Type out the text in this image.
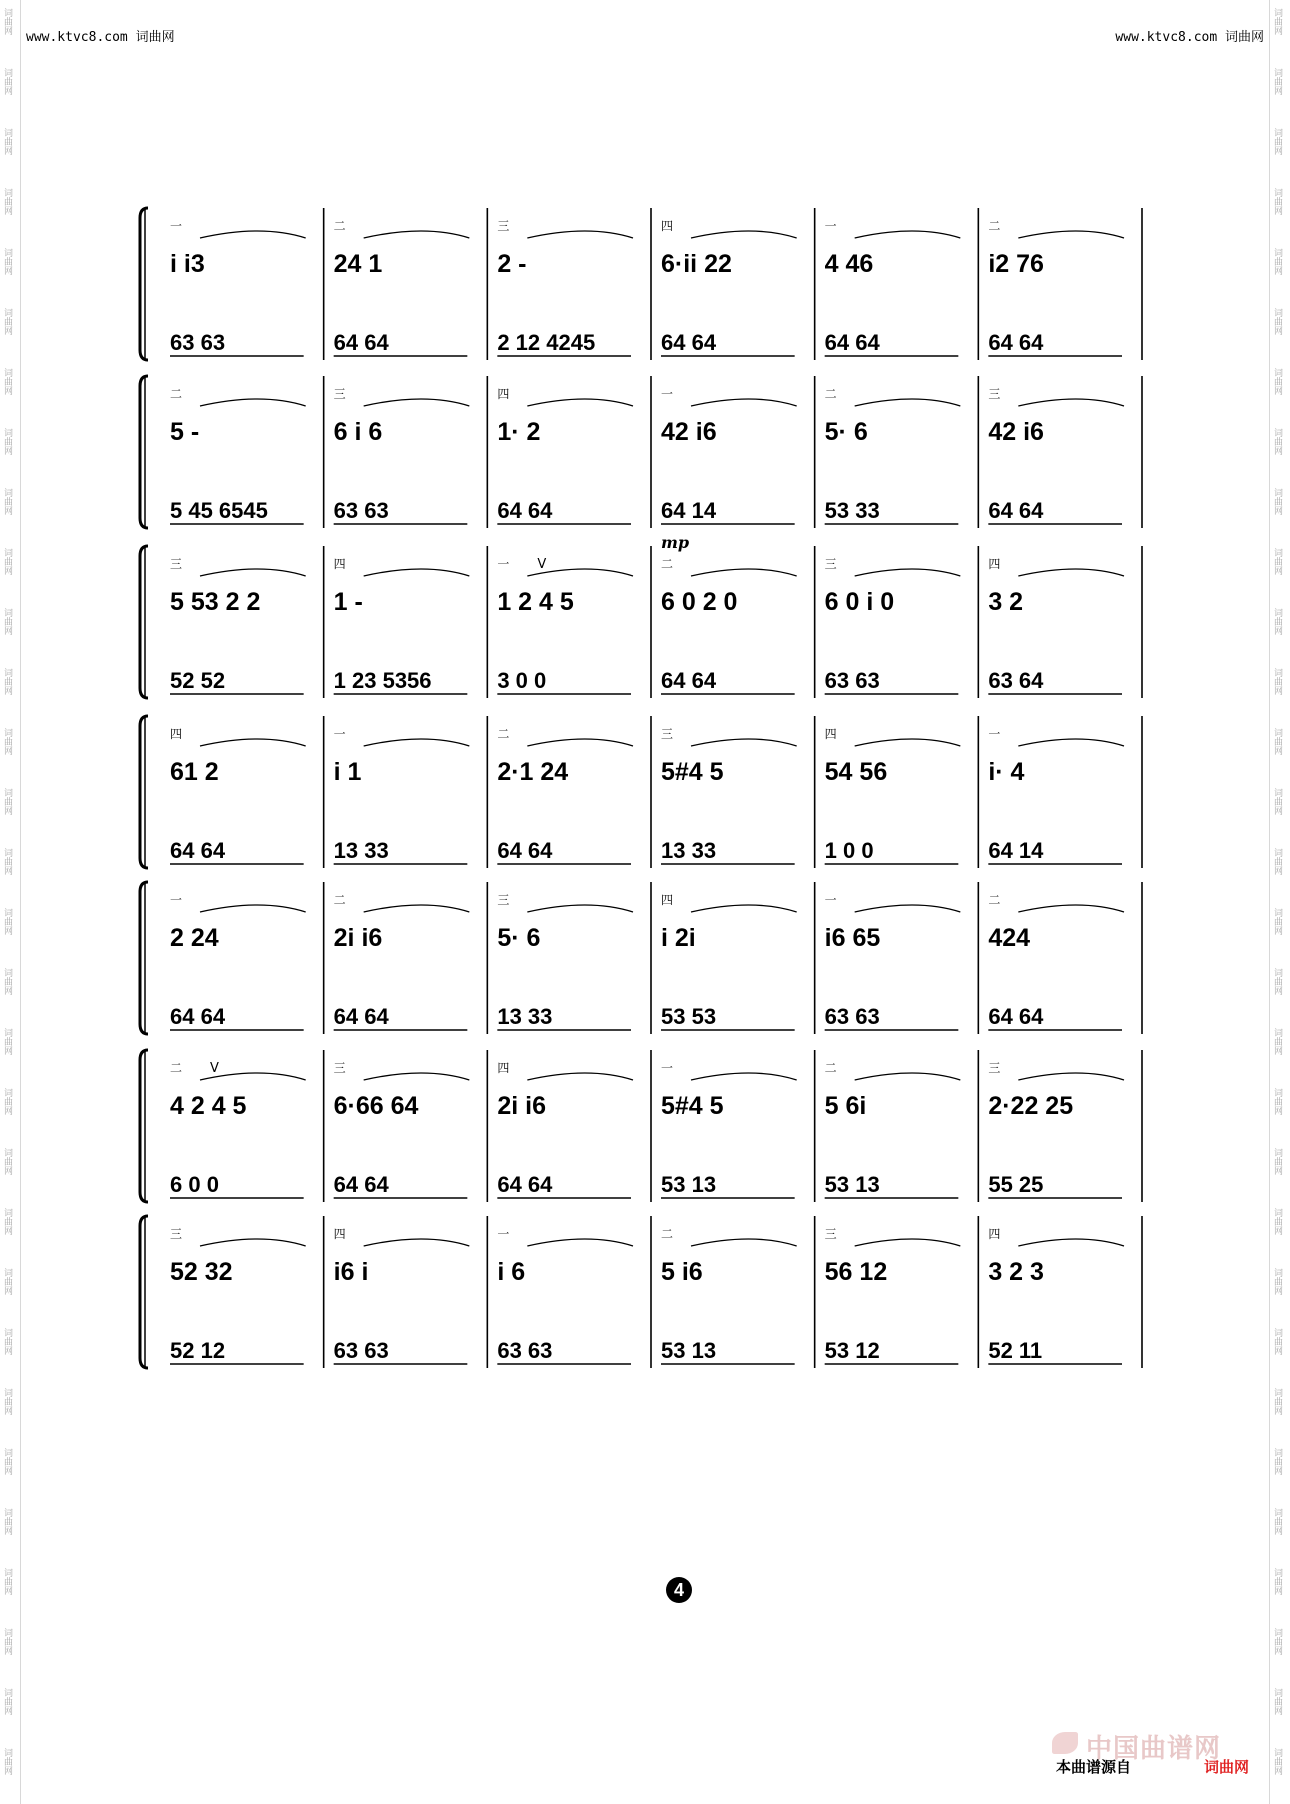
词曲网
词曲网
词曲网
词曲网
词曲网
词曲网
词曲网
词曲网
词曲网
词曲网
词曲网
词曲网
词曲网
词曲网
词曲网
词曲网
词曲网
词曲网
词曲网
词曲网
词曲网
词曲网
词曲网
词曲网
词曲网
词曲网
词曲网
词曲网
词曲网
词曲网
词曲网
词曲网
词曲网
词曲网
词曲网
词曲网
词曲网
词曲网
词曲网
词曲网
词曲网
词曲网
词曲网
词曲网
词曲网
词曲网
词曲网
词曲网
词曲网
词曲网
词曲网
词曲网
词曲网
词曲网
词曲网
词曲网
词曲网
词曲网
词曲网
词曲网
www.ktvc8.com 词曲网	www.ktvc8.com 词曲网
i i3
63 63
一
24 1
64 64
二
2 -
2 12 4245
三
6·ii 22
64 64
四
4 46
64 64
一
i2 76
64 64
二
5 -
5 45 6545
二
6 i 6
63 63
三
1· 2
64 64
四
42 i6
64 14
一
5· 6
53 33
二
42 i6
64 64
三
5 53 2 2
52 52
三
1 -
1 23 5356
四
1 2 4 5
3 0 0
一
6 0 2 0
64 64
二
6 0 i 0
63 63
三
3 2
63 64
四
mp
V
61 2
64 64
四
i 1
13 33
一
2·1 24
64 64
二
5#4 5
13 33
三
54 56
1 0 0
四
i· 4
64 14
一
2 24
64 64
一
2i i6
64 64
二
5· 6
13 33
三
i 2i
53 53
四
i6 65
63 63
一
424
64 64
二
4 2 4 5
6 0 0
二
6·66 64
64 64
三
2i i6
64 64
四
5#4 5
53 13
一
5 6i
53 13
二
2·22 25
55 25
三
V
52 32
52 12
三
i6 i
63 63
四
i 6
63 63
一
5 i6
53 13
二
56 12
53 12
三
3 2 3
52 11
四
4
中国曲谱网
本曲谱源自	词曲网
